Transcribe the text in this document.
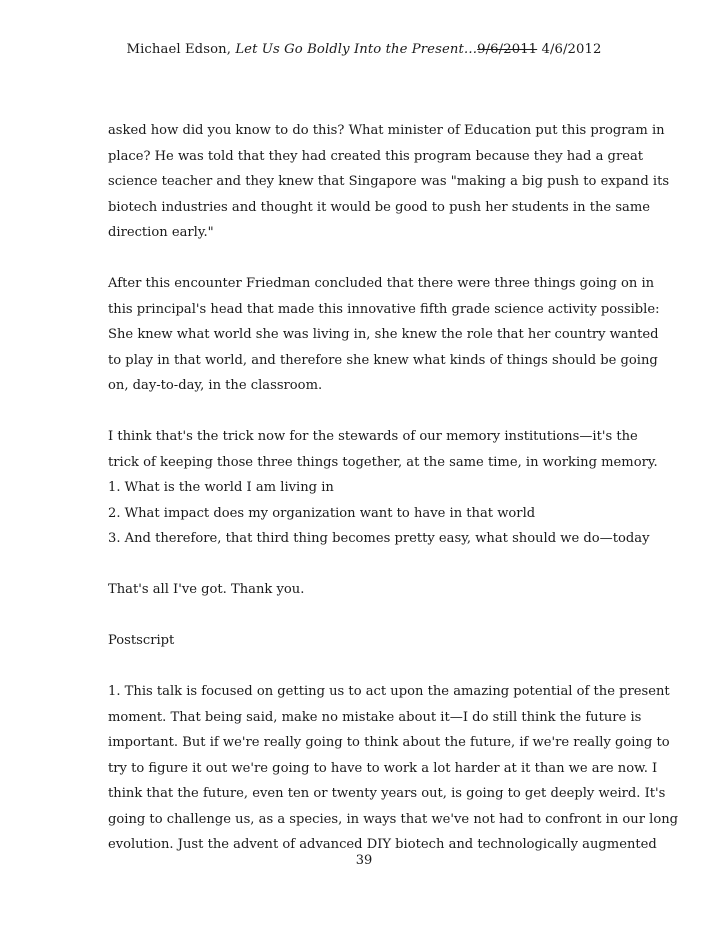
Michael Edson, Let Us Go Boldly Into the Present…9/6/2011 4/6/2012

asked how did you know to do this? What minister of Education put this program in
place? He was told that they had created this program because they had a great
science teacher and they knew that Singapore was "making a big push to expand its
biotech industries and thought it would be good to push her students in the same
direction early."

After this encounter Friedman concluded that there were three things going on in
this principal's head that made this innovative fifth grade science activity possible:
She knew what world she was living in, she knew the role that her country wanted
to play in that world, and therefore she knew what kinds of things should be going
on, day-to-day, in the classroom.

I think that's the trick now for the stewards of our memory institutions—it's the
trick of keeping those three things together, at the same time, in working memory.
1. What is the world I am living in
2. What impact does my organization want to have in that world
3. And therefore, that third thing becomes pretty easy, what should we do—today

That's all I've got. Thank you.

Postscript

1. This talk is focused on getting us to act upon the amazing potential of the present
moment. That being said, make no mistake about it—I do still think the future is
important. But if we're really going to think about the future, if we're really going to
try to figure it out we're going to have to work a lot harder at it than we are now. I
think that the future, even ten or twenty years out, is going to get deeply weird. It's
going to challenge us, as a species, in ways that we've not had to confront in our long
evolution. Just the advent of advanced DIY biotech and technologically augmented

39
